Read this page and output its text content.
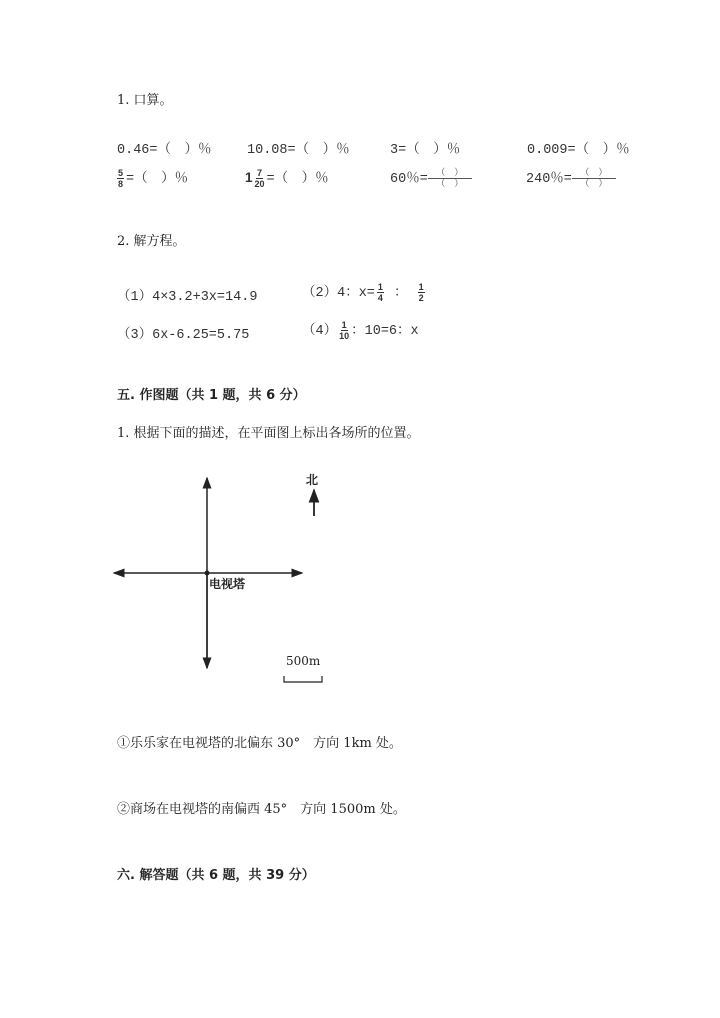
1. 口算。
0.46=（　）％	10.08=（　）％	3=（　）％	0.009=（　）％
$\frac{5}{8}$ =（　）％	$1 \frac{7}{20}$ =（　）％	60％= $\frac{( )}{( )}$	240％= $\frac{( )}{( )}$
2. 解方程。
（1）4×3.2+3x=14.9	（2）4：$x= \frac{1}{4}$ ： $\frac{1}{2}$
（3）6x-6.25=5.75	$(4) \frac{1}{10}$ ：10=6：x
五. 作图题（共 1 题，共 6 分）
1. 根据下面的描述，在平面图上标出各场所的位置。
电视塔
北
500m
①乐乐家在电视塔的北偏东 30°　方向 1km 处。
②商场在电视塔的南偏西 45°　方向 1500m 处。
六. 解答题（共 6 题，共 39 分）
